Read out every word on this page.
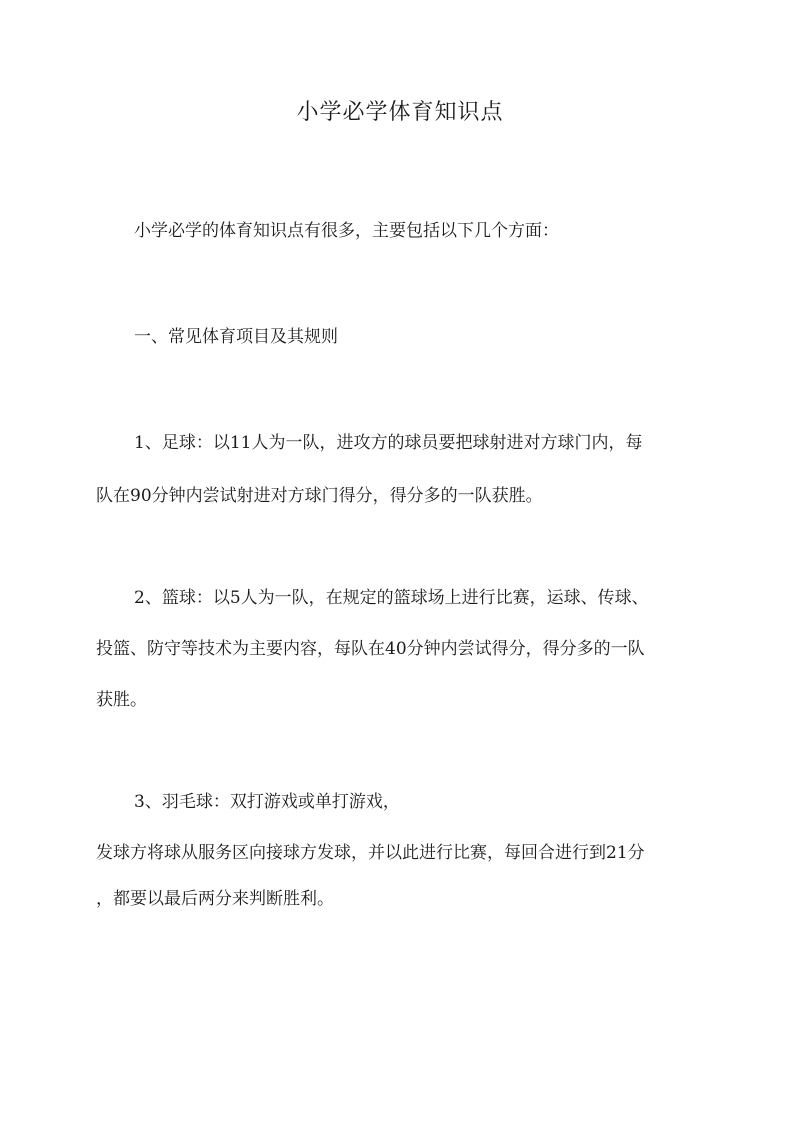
小学必学体育知识点
小学必学的体育知识点有很多，主要包括以下几个方面：
一、常见体育项目及其规则
1、足球：以11人为一队，进攻方的球员要把球射进对方球门内，每
队在90分钟内尝试射进对方球门得分，得分多的一队获胜。
2、篮球：以5人为一队，在规定的篮球场上进行比赛，运球、传球、
投篮、防守等技术为主要内容，每队在40分钟内尝试得分，得分多的一队
获胜。
3、羽毛球：双打游戏或单打游戏，
发球方将球从服务区向接球方发球，并以此进行比赛，每回合进行到21分
，都要以最后两分来判断胜利。
